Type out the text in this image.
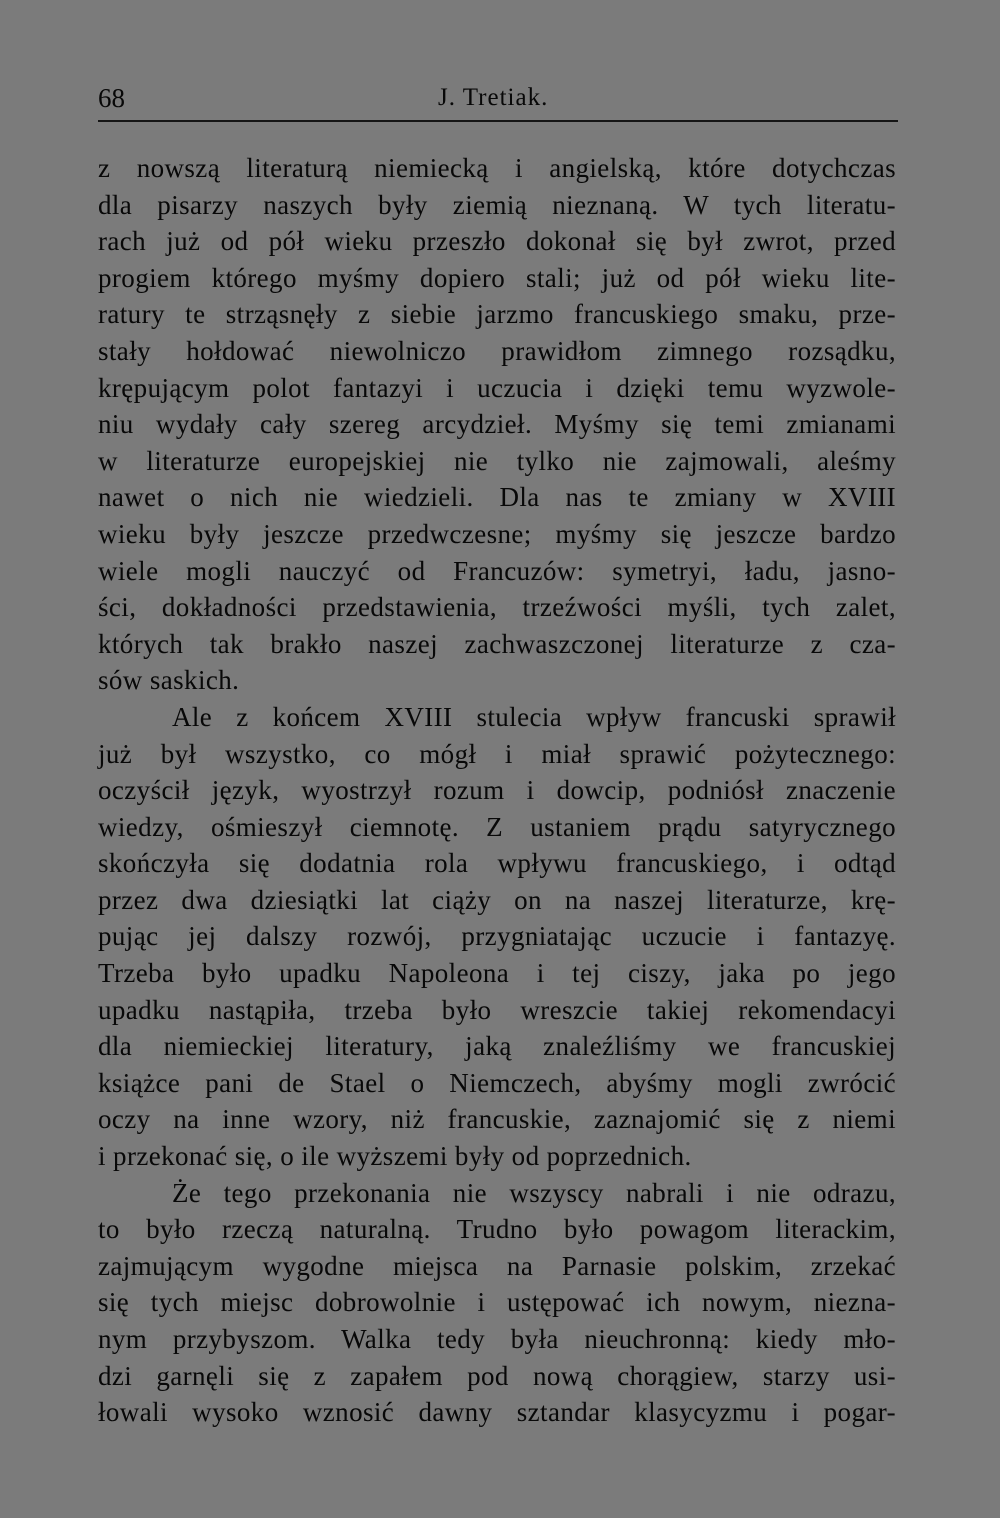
68	J. Tretiak.
z nowszą literaturą niemiecką i angielską, które dotychczas
dla pisarzy naszych były ziemią nieznaną. W tych literatu-
rach już od pół wieku przeszło dokonał się był zwrot, przed
progiem którego myśmy dopiero stali; już od pół wieku lite-
ratury te strząsnęły z siebie jarzmo francuskiego smaku, prze-
stały hołdować niewolniczo prawidłom zimnego rozsądku,
krępującym polot fantazyi i uczucia i dzięki temu wyzwole-
niu wydały cały szereg arcydzieł. Myśmy się temi zmianami
w literaturze europejskiej nie tylko nie zajmowali, aleśmy
nawet o nich nie wiedzieli. Dla nas te zmiany w XVIII
wieku były jeszcze przedwczesne; myśmy się jeszcze bardzo
wiele mogli nauczyć od Francuzów: symetryi, ładu, jasno-
ści, dokładności przedstawienia, trzeźwości myśli, tych zalet,
których tak brakło naszej zachwaszczonej literaturze z cza-
sów saskich.
Ale z końcem XVIII stulecia wpływ francuski sprawił
już był wszystko, co mógł i miał sprawić pożytecznego:
oczyścił język, wyostrzył rozum i dowcip, podniósł znaczenie
wiedzy, ośmieszył ciemnotę. Z ustaniem prądu satyrycznego
skończyła się dodatnia rola wpływu francuskiego, i odtąd
przez dwa dziesiątki lat ciąży on na naszej literaturze, krę-
pując jej dalszy rozwój, przygniatając uczucie i fantazyę.
Trzeba było upadku Napoleona i tej ciszy, jaka po jego
upadku nastąpiła, trzeba było wreszcie takiej rekomendacyi
dla niemieckiej literatury, jaką znaleźliśmy we francuskiej
książce pani de Stael o Niemczech, abyśmy mogli zwrócić
oczy na inne wzory, niż francuskie, zaznajomić się z niemi
i przekonać się, o ile wyższemi były od poprzednich.
Że tego przekonania nie wszyscy nabrali i nie odrazu,
to było rzeczą naturalną. Trudno było powagom literackim,
zajmującym wygodne miejsca na Parnasie polskim, zrzekać
się tych miejsc dobrowolnie i ustępować ich nowym, niezna-
nym przybyszom. Walka tedy była nieuchronną: kiedy mło-
dzi garnęli się z zapałem pod nową chorągiew, starzy usi-
łowali wysoko wznosić dawny sztandar klasycyzmu i pogar-
